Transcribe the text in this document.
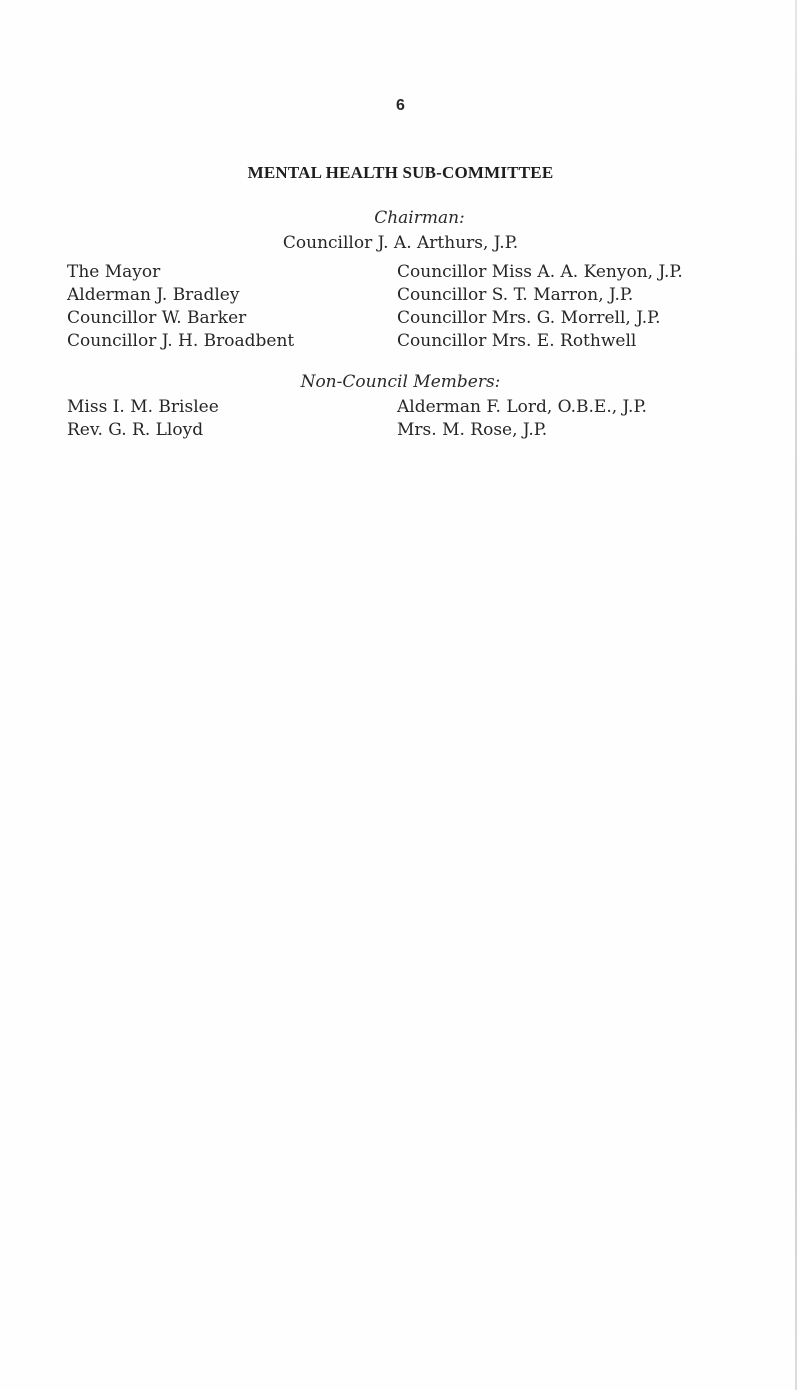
6
MENTAL HEALTH SUB-COMMITTEE
Chairman:
Councillor J. A. Arthurs, J.P.
The Mayor
Alderman J. Bradley
Councillor W. Barker
Councillor J. H. Broadbent
Councillor Miss A. A. Kenyon, J.P.
Councillor S. T. Marron, J.P.
Councillor Mrs. G. Morrell, J.P.
Councillor Mrs. E. Rothwell
Non-Council Members:
Miss I. M. Brislee
Rev. G. R. Lloyd
Alderman F. Lord, O.B.E., J.P.
Mrs. M. Rose, J.P.
